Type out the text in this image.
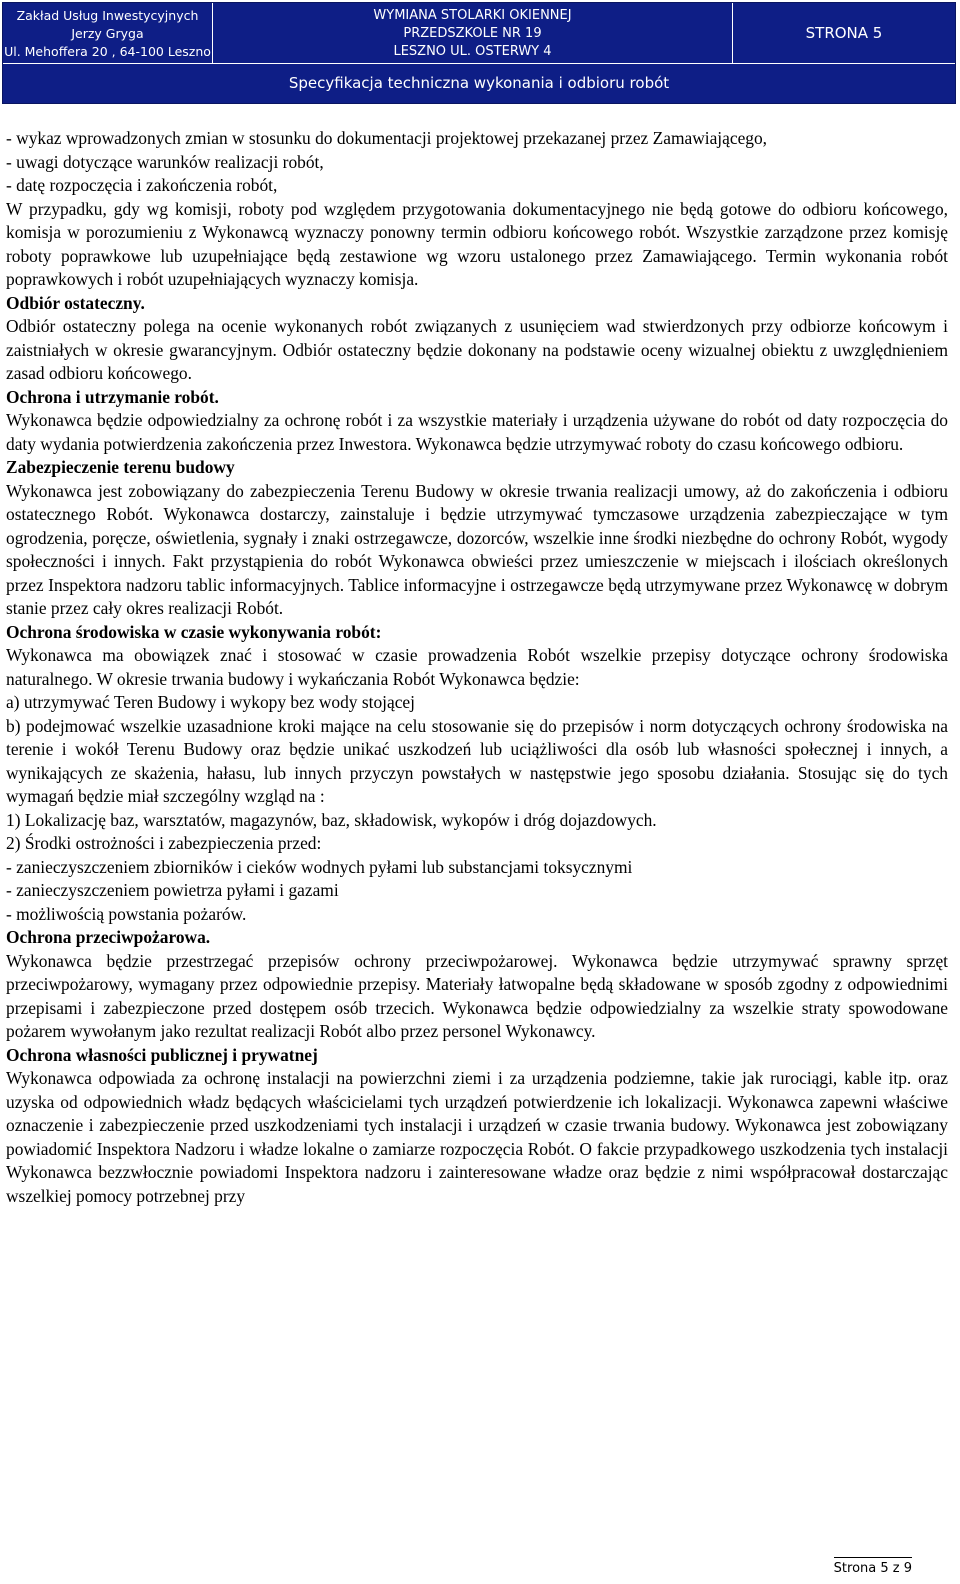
Zakład Usług Inwestycyjnych
Jerzy Gryga
Ul. Mehoffera 20 , 64-100 Leszno
WYMIANA STOLARKI OKIENNEJ
PRZEDSZKOLE NR 19
LESZNO UL. OSTERWY 4
STRONA 5
Specyfikacja techniczna wykonania i odbioru robót

- wykaz wprowadzonych zmian w stosunku do dokumentacji projektowej przekazanej przez Zamawiającego,

- uwagi dotyczące warunków realizacji robót,

- datę rozpoczęcia i zakończenia robót,

W przypadku, gdy wg komisji, roboty pod względem przygotowania dokumentacyjnego nie będą gotowe do odbioru końcowego, komisja w porozumieniu z Wykonawcą wyznaczy ponowny termin odbioru końcowego robót. Wszystkie zarządzone przez komisję roboty poprawkowe lub uzupełniające będą zestawione wg wzoru ustalonego przez Zamawiającego. Termin wykonania robót poprawkowych i robót uzupełniających wyznaczy komisja.

Odbiór ostateczny.

Odbiór ostateczny polega na ocenie wykonanych robót związanych z usunięciem wad stwierdzonych przy odbiorze końcowym i zaistniałych w okresie gwarancyjnym. Odbiór ostateczny będzie dokonany na podstawie oceny wizualnej obiektu z uwzględnieniem zasad odbioru końcowego.

Ochrona i utrzymanie robót.

Wykonawca będzie odpowiedzialny za ochronę robót i za wszystkie materiały i urządzenia używane do robót od daty rozpoczęcia do daty wydania potwierdzenia zakończenia przez Inwestora. Wykonawca będzie utrzymywać roboty do czasu końcowego odbioru.

Zabezpieczenie terenu budowy

Wykonawca jest zobowiązany do zabezpieczenia Terenu Budowy w okresie trwania realizacji umowy, aż do zakończenia i odbioru ostatecznego Robót. Wykonawca dostarczy, zainstaluje i będzie utrzymywać tymczasowe urządzenia zabezpieczające w tym ogrodzenia, poręcze, oświetlenia, sygnały i znaki ostrzegawcze, dozorców, wszelkie inne środki niezbędne do ochrony Robót, wygody społeczności i innych. Fakt przystąpienia do robót Wykonawca obwieści przez umieszczenie w miejscach i ilościach określonych przez Inspektora nadzoru tablic informacyjnych. Tablice informacyjne i ostrzegawcze będą utrzymywane przez Wykonawcę w dobrym stanie przez cały okres realizacji Robót.

Ochrona środowiska w czasie wykonywania robót:

Wykonawca ma obowiązek znać i stosować w czasie prowadzenia Robót wszelkie przepisy dotyczące ochrony środowiska naturalnego. W okresie trwania budowy i wykańczania Robót Wykonawca będzie:

a) utrzymywać Teren Budowy i wykopy bez wody stojącej

b) podejmować wszelkie uzasadnione kroki mające na celu stosowanie się do przepisów i norm dotyczących ochrony środowiska na terenie i wokół Terenu Budowy oraz będzie unikać uszkodzeń lub uciążliwości dla osób lub własności społecznej i innych, a wynikających ze skażenia, hałasu, lub innych przyczyn powstałych w następstwie jego sposobu działania. Stosując się do tych wymagań będzie miał szczególny wzgląd na :

1) Lokalizację baz, warsztatów, magazynów, baz, składowisk, wykopów i dróg dojazdowych.

2) Środki ostrożności i zabezpieczenia przed:

- zanieczyszczeniem zbiorników i cieków wodnych pyłami lub substancjami toksycznymi

- zanieczyszczeniem powietrza pyłami i gazami

- możliwością powstania pożarów.

Ochrona przeciwpożarowa.

Wykonawca będzie przestrzegać przepisów ochrony przeciwpożarowej. Wykonawca będzie utrzymywać sprawny sprzęt przeciwpożarowy, wymagany przez odpowiednie przepisy. Materiały łatwopalne będą składowane w sposób zgodny z odpowiednimi przepisami i zabezpieczone przed dostępem osób trzecich. Wykonawca będzie odpowiedzialny za wszelkie straty spowodowane pożarem wywołanym jako rezultat realizacji Robót albo przez personel Wykonawcy.

Ochrona własności publicznej i prywatnej

Wykonawca odpowiada za ochronę instalacji na powierzchni ziemi i za urządzenia podziemne, takie jak rurociągi, kable itp. oraz uzyska od odpowiednich władz będących właścicielami tych urządzeń potwierdzenie ich lokalizacji. Wykonawca zapewni właściwe oznaczenie i zabezpieczenie przed uszkodzeniami tych instalacji i urządzeń w czasie trwania budowy. Wykonawca jest zobowiązany powiadomić Inspektora Nadzoru i władze lokalne o zamiarze rozpoczęcia Robót. O fakcie przypadkowego uszkodzenia tych instalacji Wykonawca bezzwłocznie powiadomi Inspektora nadzoru i zainteresowane władze oraz będzie z nimi współpracował dostarczając wszelkiej pomocy potrzebnej przy

Strona 5 z 9
